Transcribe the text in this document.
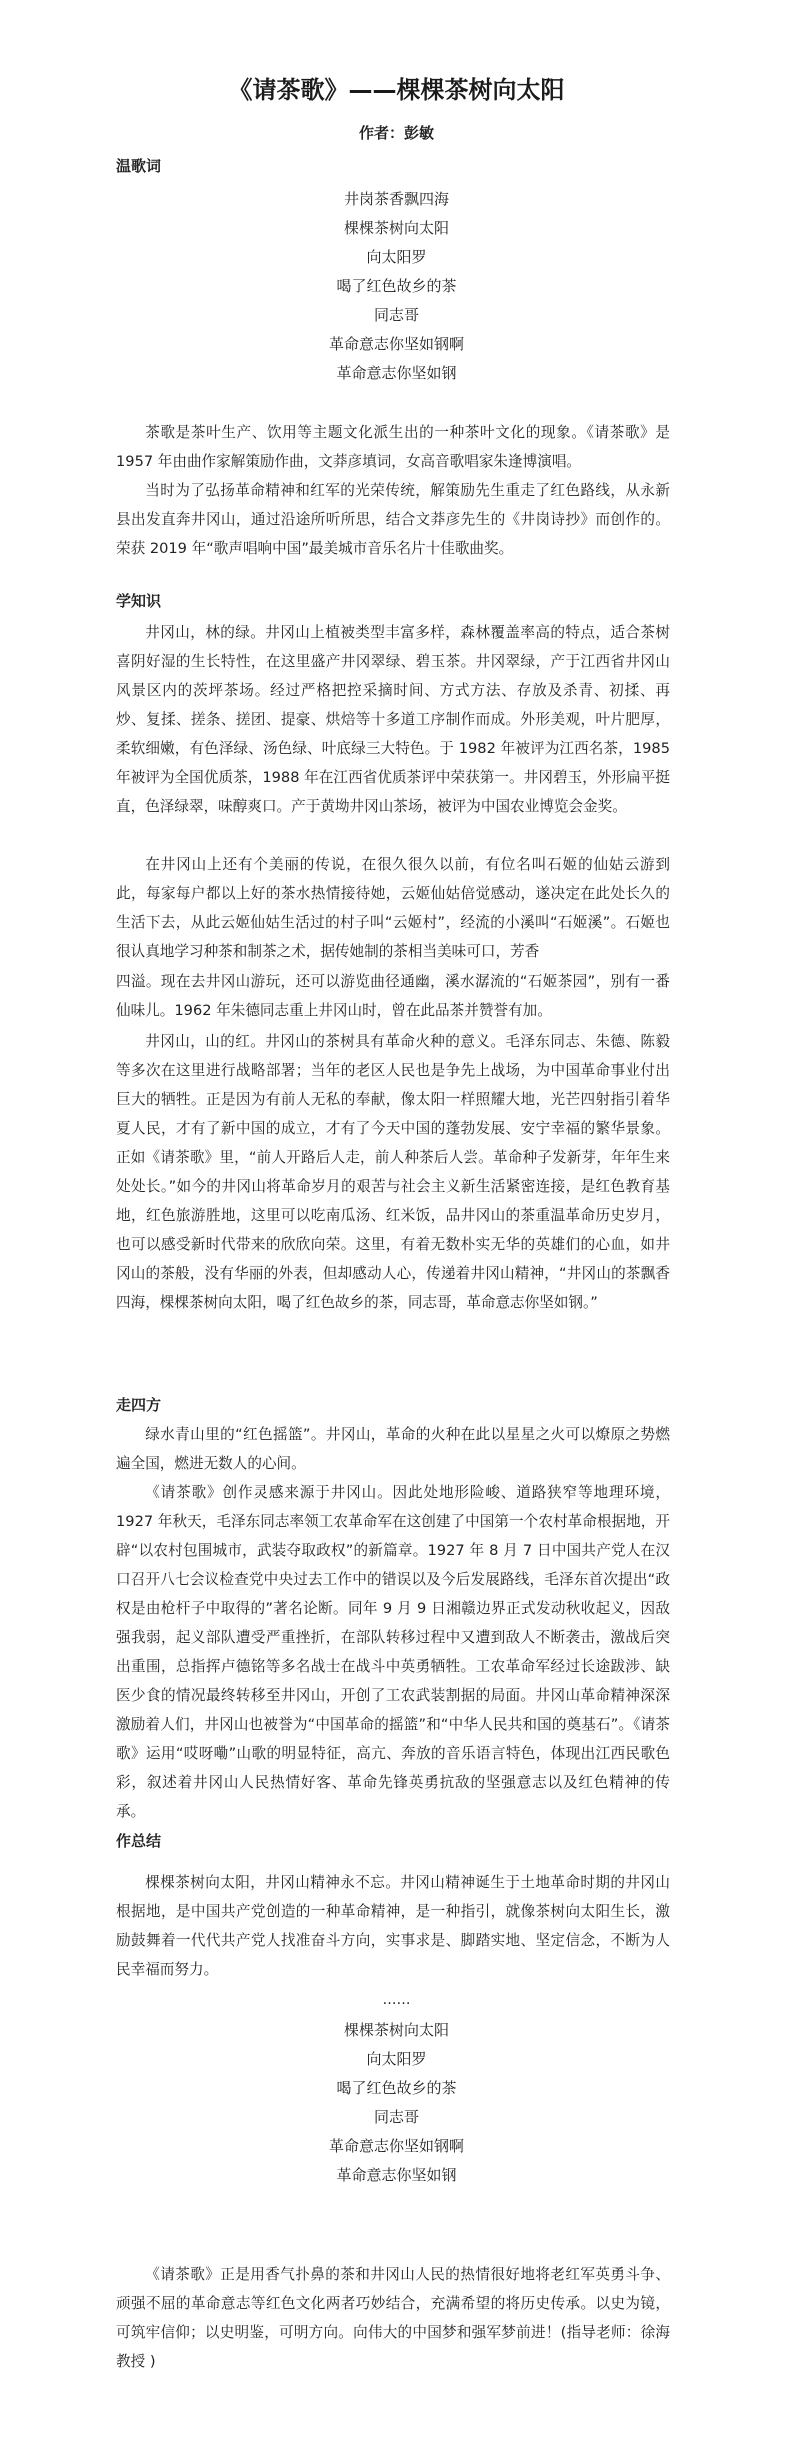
《请茶歌》——棵棵茶树向太阳
作者：彭敏
温歌词
井岗茶香飘四海
棵棵茶树向太阳
向太阳罗
喝了红色故乡的茶
同志哥
革命意志你坚如钢啊
革命意志你坚如钢

茶歌是茶叶生产、饮用等主题文化派生出的一种茶叶文化的现象。《请茶歌》是 1957 年由曲作家解策励作曲，文莽彦填词，女高音歌唱家朱逢博演唱。

当时为了弘扬革命精神和红军的光荣传统，解策励先生重走了红色路线，从永新县出发直奔井冈山，通过沿途所听所思，结合文莽彦先生的《井岗诗抄》而创作的。荣获 2019 年“歌声唱响中国”最美城市音乐名片十佳歌曲奖。

学知识

井冈山，林的绿。井冈山上植被类型丰富多样，森林覆盖率高的特点，适合茶树喜阴好湿的生长特性，在这里盛产井冈翠绿、碧玉茶。井冈翠绿，产于江西省井冈山风景区内的茨坪茶场。经过严格把控采摘时间、方式方法、存放及杀青、初揉、再炒、复揉、搓条、搓团、提豪、烘焙等十多道工序制作而成。外形美观，叶片肥厚，柔软细嫩，有色泽绿、汤色绿、叶底绿三大特色。于 1982 年被评为江西名茶，1985 年被评为全国优质茶，1988 年在江西省优质茶评中荣获第一。井冈碧玉，外形扁平挺直，色泽绿翠，味醇爽口。产于黄坳井冈山茶场，被评为中国农业博览会金奖。

在井冈山上还有个美丽的传说，在很久很久以前，有位名叫石姬的仙姑云游到此，每家每户都以上好的茶水热情接待她，云姬仙姑倍觉感动，遂决定在此处长久的生活下去，从此云姬仙姑生活过的村子叫“云姬村”，经流的小溪叫“石姬溪”。石姬也很认真地学习种茶和制茶之术，据传她制的茶相当美味可口，芳香

四溢。现在去井冈山游玩，还可以游览曲径通幽，溪水潺流的“石姬茶园”，别有一番仙味儿。1962 年朱德同志重上井冈山时，曾在此品茶并赞誉有加。

井冈山，山的红。井冈山的茶树具有革命火种的意义。毛泽东同志、朱德、陈毅等多次在这里进行战略部署；当年的老区人民也是争先上战场，为中国革命事业付出巨大的牺牲。正是因为有前人无私的奉献，像太阳一样照耀大地，光芒四射指引着华夏人民，才有了新中国的成立，才有了今天中国的蓬勃发展、安宁幸福的繁华景象。正如《请茶歌》里，“前人开路后人走，前人种茶后人尝。革命种子发新芽，年年生来处处长。”如今的井冈山将革命岁月的艰苦与社会主义新生活紧密连接，是红色教育基地，红色旅游胜地，这里可以吃南瓜汤、红米饭，品井冈山的茶重温革命历史岁月，也可以感受新时代带来的欣欣向荣。这里，有着无数朴实无华的英雄们的心血，如井冈山的茶般，没有华丽的外表，但却感动人心，传递着井冈山精神，“井冈山的茶飘香四海，棵棵茶树向太阳，喝了红色故乡的茶，同志哥，革命意志你坚如钢。”

走四方

绿水青山里的“红色摇篮”。井冈山，革命的火种在此以星星之火可以燎原之势燃遍全国，燃进无数人的心间。

《请茶歌》创作灵感来源于井冈山。因此处地形险峻、道路狭窄等地理环境，1927 年秋天，毛泽东同志率领工农革命军在这创建了中国第一个农村革命根据地，开辟“以农村包围城市，武装夺取政权”的新篇章。1927 年 8 月 7 日中国共产党人在汉口召开八七会议检查党中央过去工作中的错误以及今后发展路线，毛泽东首次提出“政权是由枪杆子中取得的”著名论断。同年 9 月 9 日湘赣边界正式发动秋收起义，因敌强我弱，起义部队遭受严重挫折，在部队转移过程中又遭到敌人不断袭击，激战后突出重围，总指挥卢德铭等多名战士在战斗中英勇牺牲。工农革命军经过长途跋涉、缺医少食的情况最终转移至井冈山，开创了工农武装割据的局面。井冈山革命精神深深激励着人们，井冈山也被誉为“中国革命的摇篮”和“中华人民共和国的奠基石”。《请茶歌》运用“哎呀嘞”山歌的明显特征，高亢、奔放的音乐语言特色，体现出江西民歌色彩，叙述着井冈山人民热情好客、革命先锋英勇抗敌的坚强意志以及红色精神的传承。

作总结

棵棵茶树向太阳，井冈山精神永不忘。井冈山精神诞生于土地革命时期的井冈山根据地，是中国共产党创造的一种革命精神，是一种指引，就像茶树向太阳生长，激励鼓舞着一代代共产党人找准奋斗方向，实事求是、脚踏实地、坚定信念，不断为人民幸福而努力。

……
棵棵茶树向太阳
向太阳罗
喝了红色故乡的茶
同志哥
革命意志你坚如钢啊
革命意志你坚如钢

《请茶歌》正是用香气扑鼻的茶和井冈山人民的热情很好地将老红军英勇斗争、顽强不屈的革命意志等红色文化两者巧妙结合，充满希望的将历史传承。以史为镜，可筑牢信仰；以史明鉴，可明方向。向伟大的中国梦和强军梦前进！(指导老师：徐海教授 )
